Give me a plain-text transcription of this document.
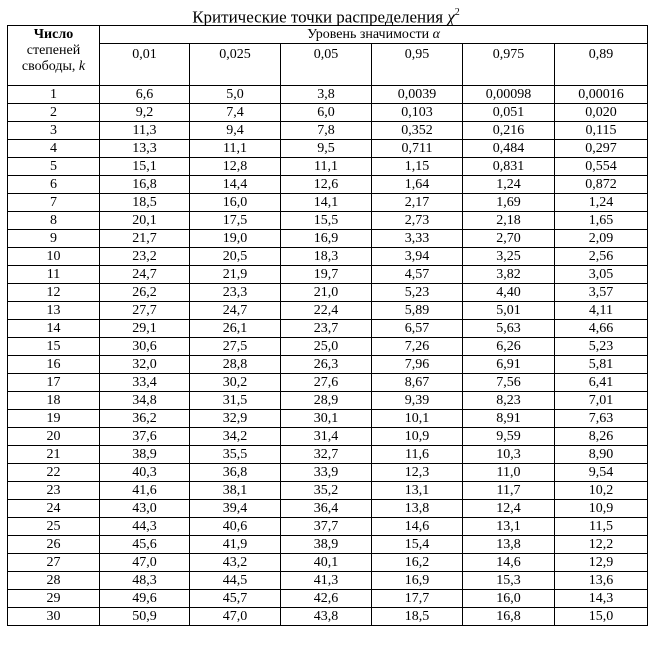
Критические точки распределения $\chi^2$
Число
степеней
свободы, k	Уровень значимости α					
	0,01	0,025	0,05	0,95	0,975	0,89
1	6,6	5,0	3,8	0,0039	0,00098	0,00016
2	9,2	7,4	6,0	0,103	0,051	0,020
3	11,3	9,4	7,8	0,352	0,216	0,115
4	13,3	11,1	9,5	0,711	0,484	0,297
5	15,1	12,8	11,1	1,15	0,831	0,554
6	16,8	14,4	12,6	1,64	1,24	0,872
7	18,5	16,0	14,1	2,17	1,69	1,24
8	20,1	17,5	15,5	2,73	2,18	1,65
9	21,7	19,0	16,9	3,33	2,70	2,09
10	23,2	20,5	18,3	3,94	3,25	2,56
11	24,7	21,9	19,7	4,57	3,82	3,05
12	26,2	23,3	21,0	5,23	4,40	3,57
13	27,7	24,7	22,4	5,89	5,01	4,11
14	29,1	26,1	23,7	6,57	5,63	4,66
15	30,6	27,5	25,0	7,26	6,26	5,23
16	32,0	28,8	26,3	7,96	6,91	5,81
17	33,4	30,2	27,6	8,67	7,56	6,41
18	34,8	31,5	28,9	9,39	8,23	7,01
19	36,2	32,9	30,1	10,1	8,91	7,63
20	37,6	34,2	31,4	10,9	9,59	8,26
21	38,9	35,5	32,7	11,6	10,3	8,90
22	40,3	36,8	33,9	12,3	11,0	9,54
23	41,6	38,1	35,2	13,1	11,7	10,2
24	43,0	39,4	36,4	13,8	12,4	10,9
25	44,3	40,6	37,7	14,6	13,1	11,5
26	45,6	41,9	38,9	15,4	13,8	12,2
27	47,0	43,2	40,1	16,2	14,6	12,9
28	48,3	44,5	41,3	16,9	15,3	13,6
29	49,6	45,7	42,6	17,7	16,0	14,3
30	50,9	47,0	43,8	18,5	16,8	15,0
